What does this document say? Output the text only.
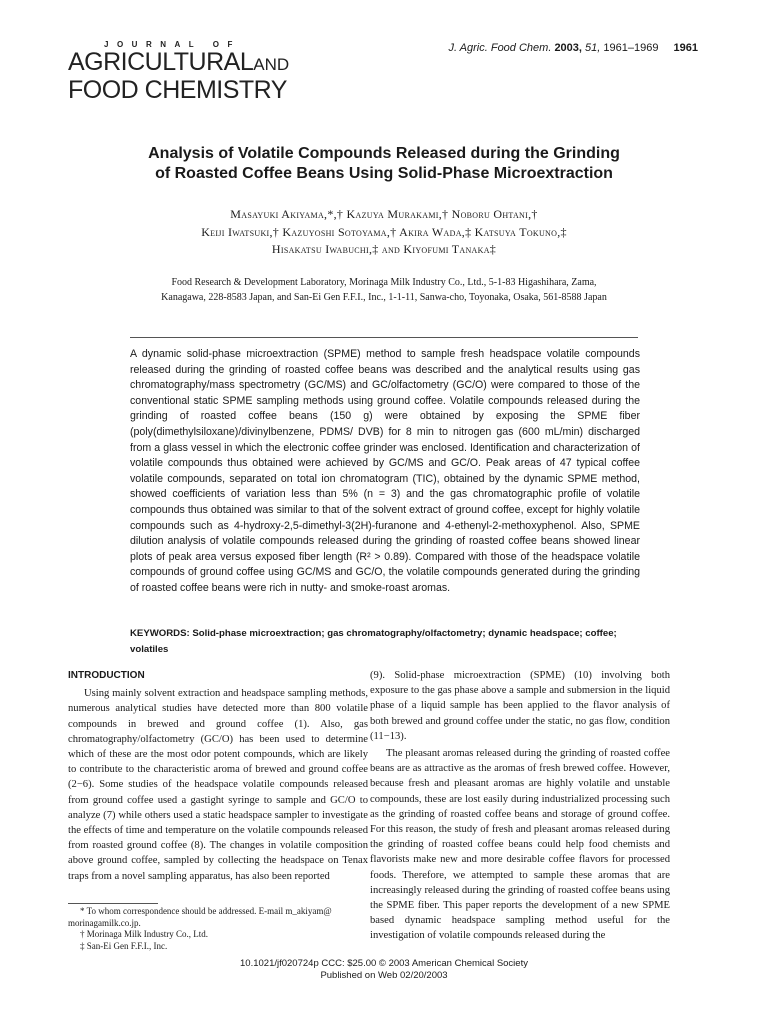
JOURNAL OF
AGRICULTURALAND
FOOD CHEMISTRY
J. Agric. Food Chem. 2003, 51, 1961–1969 1961
Analysis of Volatile Compounds Released during the Grinding
of Roasted Coffee Beans Using Solid-Phase Microextraction
Masayuki Akiyama,*,† Kazuya Murakami,† Noboru Ohtani,†
Keiji Iwatsuki,† Kazuyoshi Sotoyama,† Akira Wada,‡ Katsuya Tokuno,‡
Hisakatsu Iwabuchi,‡ and Kiyofumi Tanaka‡
Food Research & Development Laboratory, Morinaga Milk Industry Co., Ltd., 5-1-83 Higashihara, Zama, Kanagawa, 228-8583 Japan, and San-Ei Gen F.F.I., Inc., 1-1-11, Sanwa-cho, Toyonaka, Osaka, 561-8588 Japan
A dynamic solid-phase microextraction (SPME) method to sample fresh headspace volatile compounds released during the grinding of roasted coffee beans was described and the analytical results using gas chromatography/mass spectrometry (GC/MS) and GC/olfactometry (GC/O) were compared to those of the conventional static SPME sampling methods using ground coffee. Volatile compounds released during the grinding of roasted coffee beans (150 g) were obtained by exposing the SPME fiber (poly(dimethylsiloxane)/divinylbenzene, PDMS/ DVB) for 8 min to nitrogen gas (600 mL/min) discharged from a glass vessel in which the electronic coffee grinder was enclosed. Identification and characterization of volatile compounds thus obtained were achieved by GC/MS and GC/O. Peak areas of 47 typical coffee volatile compounds, separated on total ion chromatogram (TIC), obtained by the dynamic SPME method, showed coefficients of variation less than 5% (n = 3) and the gas chromatographic profile of volatile compounds thus obtained was similar to that of the solvent extract of ground coffee, except for highly volatile compounds such as 4-hydroxy-2,5-dimethyl-3(2H)-furanone and 4-ethenyl-2-methoxyphenol. Also, SPME dilution analysis of volatile compounds released during the grinding of roasted coffee beans showed linear plots of peak area versus exposed fiber length (R² > 0.89). Compared with those of the headspace volatile compounds of ground coffee using GC/MS and GC/O, the volatile compounds generated during the grinding of roasted coffee beans were rich in nutty- and smoke-roast aromas.
KEYWORDS: Solid-phase microextraction; gas chromatography/olfactometry; dynamic headspace; coffee; volatiles
INTRODUCTION

Using mainly solvent extraction and headspace sampling methods, numerous analytical studies have detected more than 800 volatile compounds in brewed and ground coffee (1). Also, gas chromatography/olfactometry (GC/O) has been used to determine which of these are the most odor potent compounds, which are likely to contribute to the characteristic aroma of brewed and ground coffee (2−6). Some studies of the headspace volatile compounds released from ground coffee used a gastight syringe to sample and GC/O to analyze (7) while others used a static headspace sampler to investigate the effects of time and temperature on the volatile compounds released from roasted ground coffee (8). The changes in volatile composition above ground coffee, sampled by collecting the headspace on Tenax traps from a novel sampling apparatus, has also been reported

(9). Solid-phase microextraction (SPME) (10) involving both exposure to the gas phase above a sample and submersion in the liquid phase of a liquid sample has been applied to the flavor analysis of both brewed and ground coffee under the static, no gas flow, condition (11−13).

The pleasant aromas released during the grinding of roasted coffee beans are as attractive as the aromas of fresh brewed coffee. However, because fresh and pleasant aromas are highly volatile and unstable compounds, these are lost easily during industrialized processing such as the grinding of roasted coffee beans and storage of ground coffee. For this reason, the study of fresh and pleasant aromas released during the grinding of roasted coffee beans could help food chemists and flavorists make new and more desirable coffee flavors for processed foods. Therefore, we attempted to sample these aromas that are increasingly released during the grinding of roasted coffee beans using the SPME fiber. This paper reports the development of a new SPME based dynamic headspace sampling method useful for the investigation of volatile compounds released during the

* To whom correspondence should be addressed. E-mail m_akiyam@ morinagamilk.co.jp.
† Morinaga Milk Industry Co., Ltd.
‡ San-Ei Gen F.F.I., Inc.
10.1021/jf020724p CCC: $25.00 © 2003 American Chemical Society
Published on Web 02/20/2003
